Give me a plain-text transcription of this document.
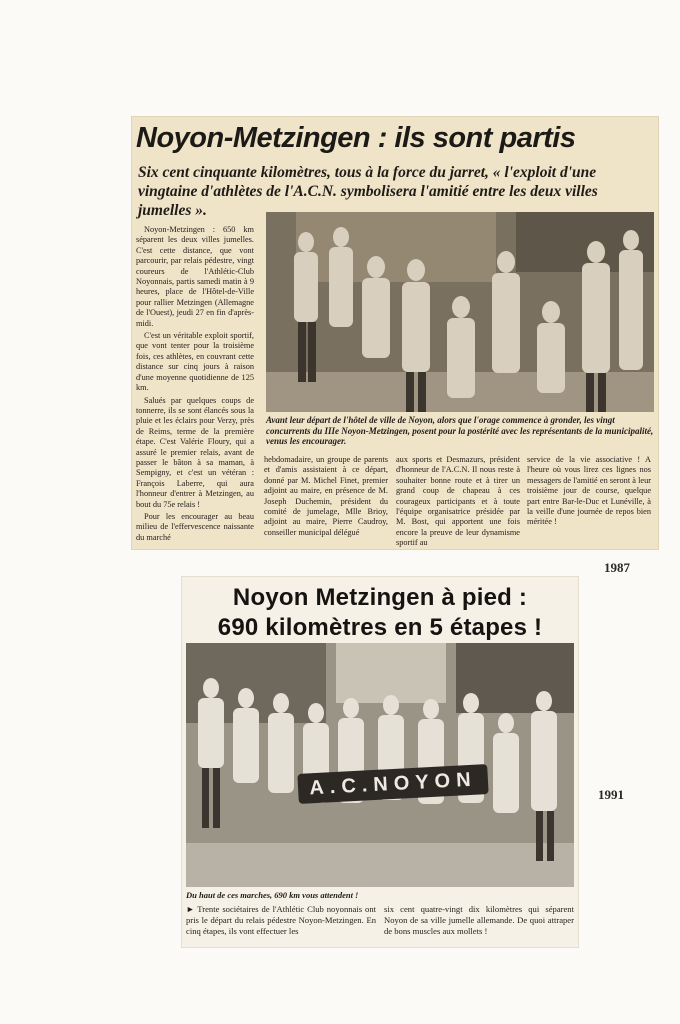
Noyon-Metzingen : ils sont partis
Six cent cinquante kilomètres, tous à la force du jarret, « l'exploit d'une vingtaine d'athlètes de l'A.C.N. symbolisera l'amitié entre les deux villes jumelles ».

Noyon-Metzingen : 650 km séparent les deux villes jumelles. C'est cette distance, que vont parcourir, par relais pédestre, vingt coureurs de l'Athlétic-Club Noyonnais, partis samedi matin à 9 heures, place de l'Hôtel-de-Ville pour rallier Metzingen (Allemagne de l'Ouest), jeudi 27 en fin d'après-midi.

C'est un véritable exploit sportif, que vont tenter pour la troisième fois, ces athlètes, en couvrant cette distance sur cinq jours à raison d'une moyenne quotidienne de 125 km.

Salués par quelques coups de tonnerre, ils se sont élancés sous la pluie et les éclairs pour Verzy, près de Reims, terme de la première étape. C'est Valérie Floury, qui a assuré le premier relais, avant de passer le bâton à sa maman, à Sempigny, et c'est un vétéran : François Laberre, qui aura l'honneur d'entrer à Metzingen, au bout du 75e relais !

Pour les encourager au beau milieu de l'effervescence naissante du marché

Avant leur départ de l'hôtel de ville de Noyon, alors que l'orage commence à gronder, les vingt concurrents du IIIe Noyon-Metzingen, posent pour la postérité avec les représentants de la municipalité, venus les encourager.
hebdomadaire, un groupe de parents et d'amis assistaient à ce départ, donné par M. Michel Finet, premier adjoint au maire, en présence de M. Joseph Duchemin, président du comité de jumelage, Mlle Brioy, adjoint au maire, Pierre Caudroy, conseiller municipal délégué
aux sports et Desmazurs, président d'honneur de l'A.C.N. Il nous reste à souhaiter bonne route et à tirer un grand coup de chapeau à ces courageux participants et à toute l'équipe organisatrice présidée par M. Bost, qui apportent une fois encore la preuve de leur dynamisme sportif au
service de la vie associative ! A l'heure où vous lirez ces lignes nos messagers de l'amitié en seront à leur troisième jour de course, quelque part entre Bar-le-Duc et Lunéville, à la veille d'une journée de repos bien méritée !
1987
Noyon Metzingen à pied :
690 kilomètres en 5 étapes !
A.C.NOYON
Du haut de ces marches, 690 km vous attendent !
► Trente sociétaires de l'Athlétic Club noyonnais ont pris le départ du relais pédestre Noyon-Metzingen. En cinq étapes, ils vont effectuer les
six cent quatre-vingt dix kilomètres qui séparent Noyon de sa ville jumelle allemande. De quoi attraper de bons muscles aux mollets !
1991
